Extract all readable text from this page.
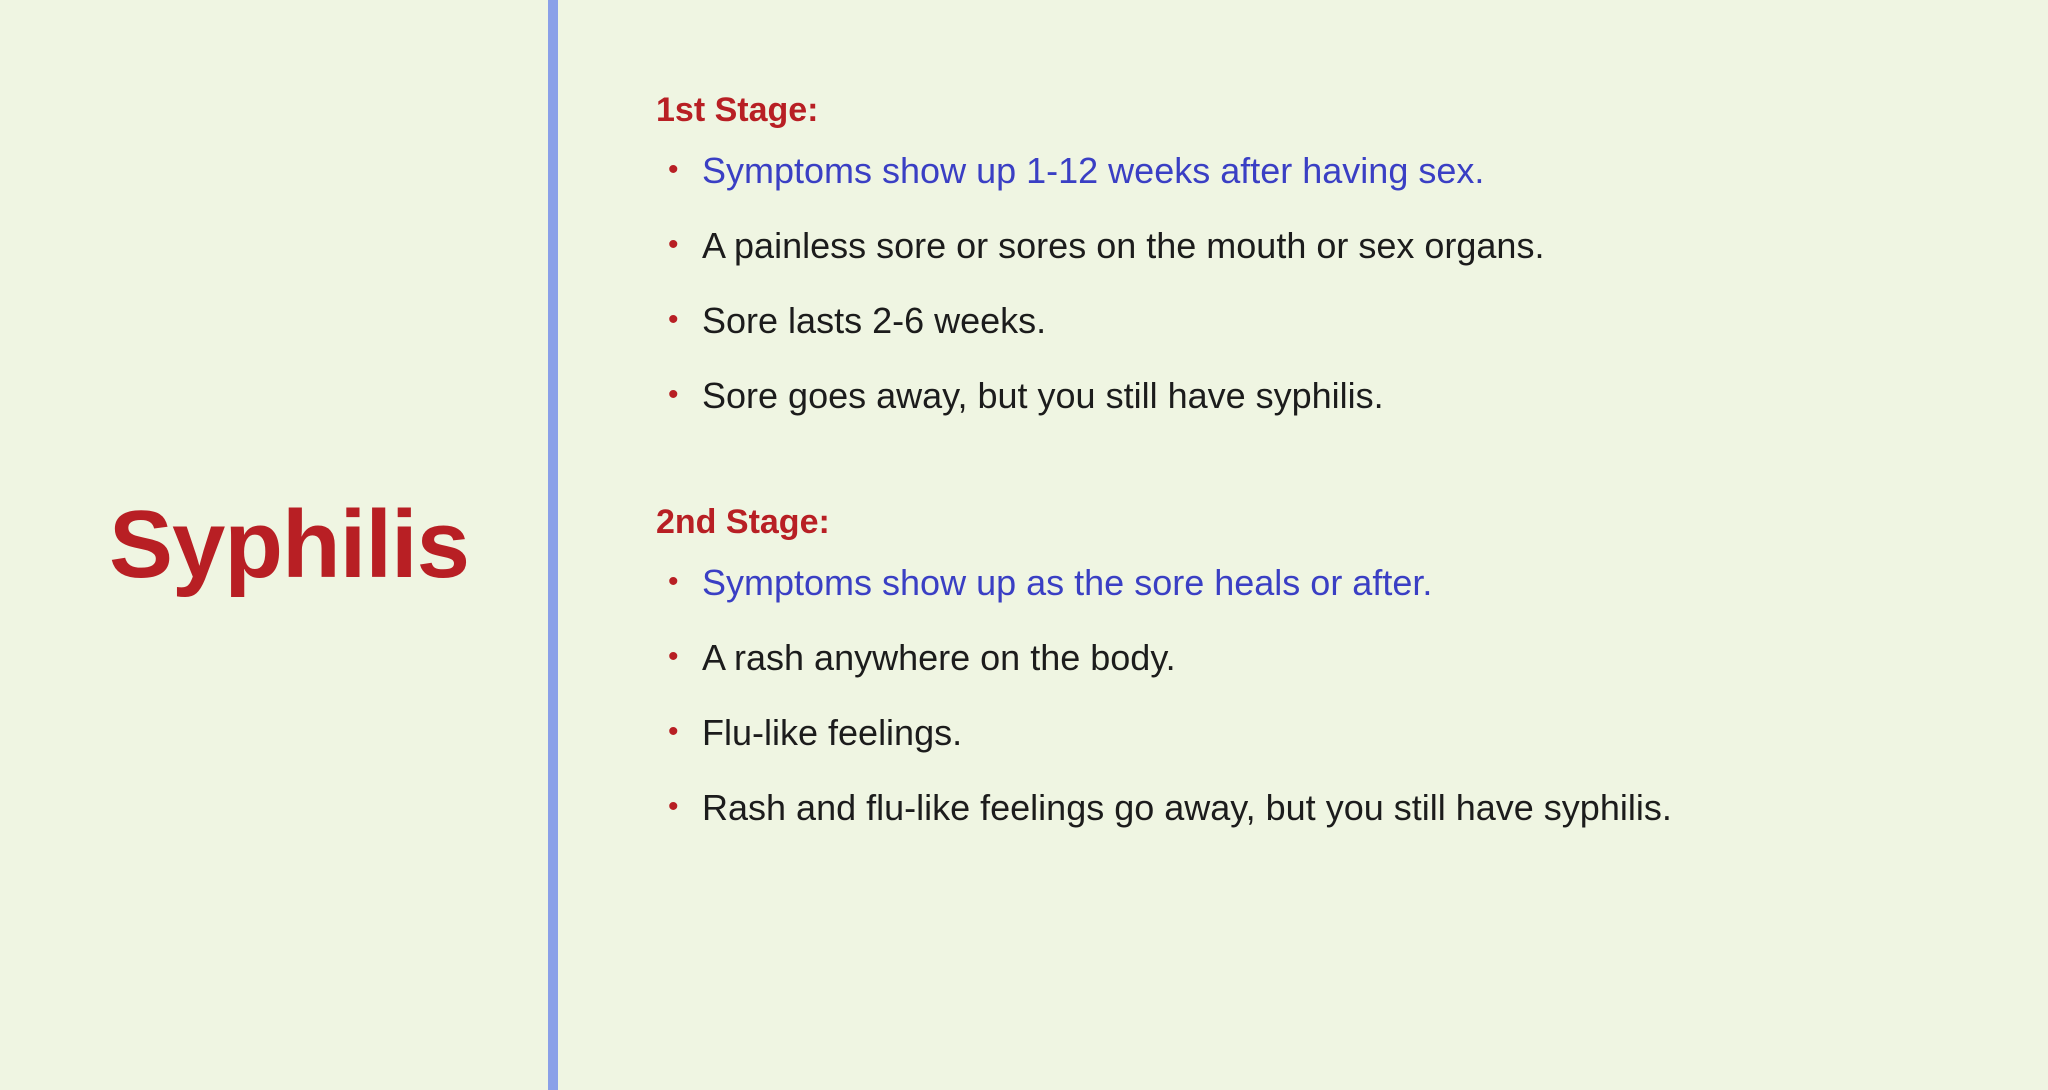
Syphilis
1st Stage:
• Symptoms show up 1-12 weeks after having sex.
• A painless sore or sores on the mouth or sex organs.
• Sore lasts 2-6 weeks.
• Sore goes away, but you still have syphilis.
2nd Stage:
• Symptoms show up as the sore heals or after.
• A rash anywhere on the body.
• Flu-like feelings.
• Rash and flu-like feelings go away, but you still have syphilis.
